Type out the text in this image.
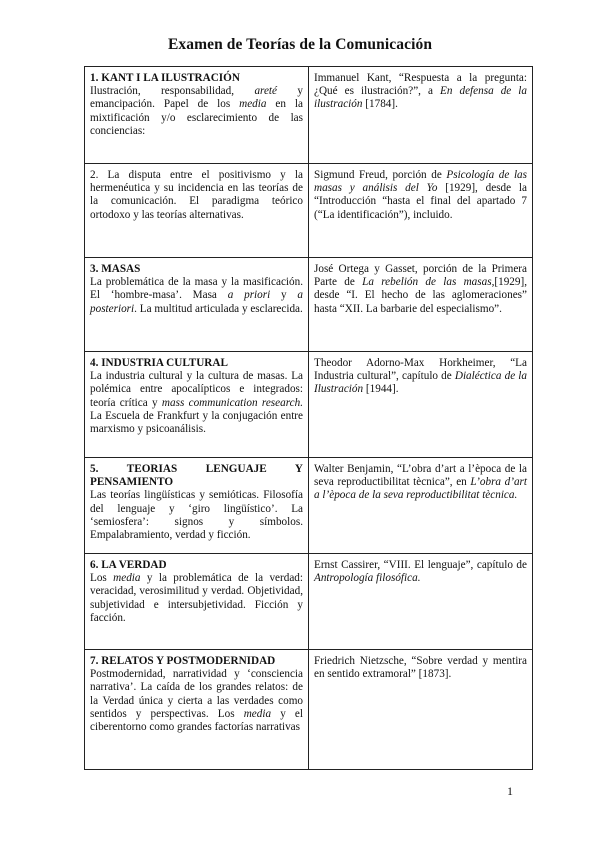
Examen de Teorías de la Comunicación
1. KANT I LA ILUSTRACIÓN
Ilustración, responsabilidad, areté y emancipación. Papel de los media en la mixtificación y/o esclarecimiento de las conciencias:	Immanuel Kant, “Respuesta a la pregunta: ¿Qué es ilustración?”, a En defensa de la ilustración [1784].
2. La disputa entre el positivismo y la hermenéutica y su incidencia en las teorías de la comunicación. El paradigma teórico ortodoxo y las teorías alternativas.	Sigmund Freud, porción de Psicología de las masas y análisis del Yo [1929], desde la “Introducción “hasta el final del apartado 7 (“La identificación”), incluido.

3. MASAS
La problemática de la masa y la masificación. El ‘hombre-masa’. Masa a priori y a posteriori. La multitud articulada y esclarecida.	José Ortega y Gasset, porción de la Primera Parte de La rebelión de las masas,[1929], desde “I. El hecho de las aglomeraciones” hasta “XII. La barbarie del especialismo”.

4. INDUSTRIA CULTURAL
La industria cultural y la cultura de masas. La polémica entre apocalípticos e integrados: teoría crítica y mass communication research. La Escuela de Frankfurt y la conjugación entre marxismo y psicoanálisis.	Theodor Adorno-Max Horkheimer, “La Industria cultural”, capítulo de Dialéctica de la Ilustración [1944].

5. TEORIAS LENGUAJE Y PENSAMIENTO
Las teorías lingüísticas y semióticas. Filosofía del lenguaje y ‘giro lingüístico’. La ‘semiosfera’: signos y símbolos. Empalabramiento, verdad y ficción.	Walter Benjamin, “L’obra d’art a l’època de la seva reproductibilitat tècnica”, en L’obra d’art a l’època de la seva reproductibilitat tècnica.

6. LA VERDAD
Los media y la problemática de la verdad: veracidad, verosimilitud y verdad. Objetividad, subjetividad e intersubjetividad. Ficción y facción.	Ernst Cassirer, “VIII. El lenguaje”, capítulo de Antropología filosófica.

7. RELATOS Y POSTMODERNIDAD
Postmodernidad, narratividad y ‘consciencia narrativa’. La caída de los grandes relatos: de la Verdad única y cierta a las verdades como sentidos y perspectivas. Los media y el ciberentorno como grandes factorías narrativas	Friedrich Nietzsche, “Sobre verdad y mentira en sentido extramoral” [1873].
1
